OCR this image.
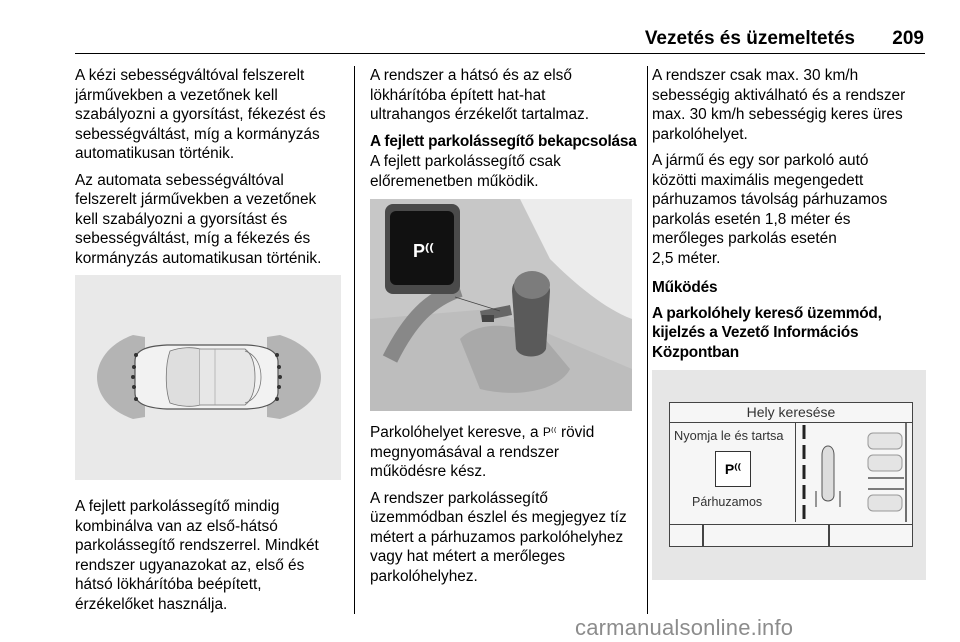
Vezetés és üzemeltetés 209

A kézi sebességváltóval felszerelt
járművekben a vezetőnek kell
szabályozni a gyorsítást, fékezést és
sebességváltást, míg a kormányzás
automatikusan történik.

Az automata sebességváltóval
felszerelt járművekben a vezetőnek
kell szabályozni a gyorsítást és
sebességváltást, míg a fékezés és
kormányzás automatikusan történik.

A fejlett parkolássegítő mindig
kombinálva van az első-hátsó
parkolássegítő rendszerrel. Mindkét
rendszer ugyanazokat az, első és
hátsó lökhárítóba beépített,
érzékelőket használja.

A rendszer a hátsó és az első
lökhárítóba épített hat-hat
ultrahangos érzékelőt tartalmaz.

A fejlett parkolássegítő bekapcsolása

A fejlett parkolássegítő csak
előremenetben működik.

P⁽⁽

Parkolóhelyet keresve, a P⁽⁽ rövid
megnyomásával a rendszer
működésre kész.

A rendszer parkolássegítő
üzemmódban észlel és megjegyez tíz
métert a párhuzamos parkolóhelyhez
vagy hat métert a merőleges
parkolóhelyhez.

A rendszer csak max. 30 km/h
sebességig aktiválható és a rendszer
max. 30 km/h sebességig keres üres
parkolóhelyet.

A jármű és egy sor parkoló autó
közötti maximális megengedett
párhuzamos távolság párhuzamos
parkolás esetén 1,8 méter és
merőleges parkolás esetén
2,5 méter.

Működés

A parkolóhely kereső üzemmód,
kijelzés a Vezető Információs
Központban

Hely keresése
Nyomja le és tartsa
P⁽⁽
Párhuzamos
carmanualsonline.info
